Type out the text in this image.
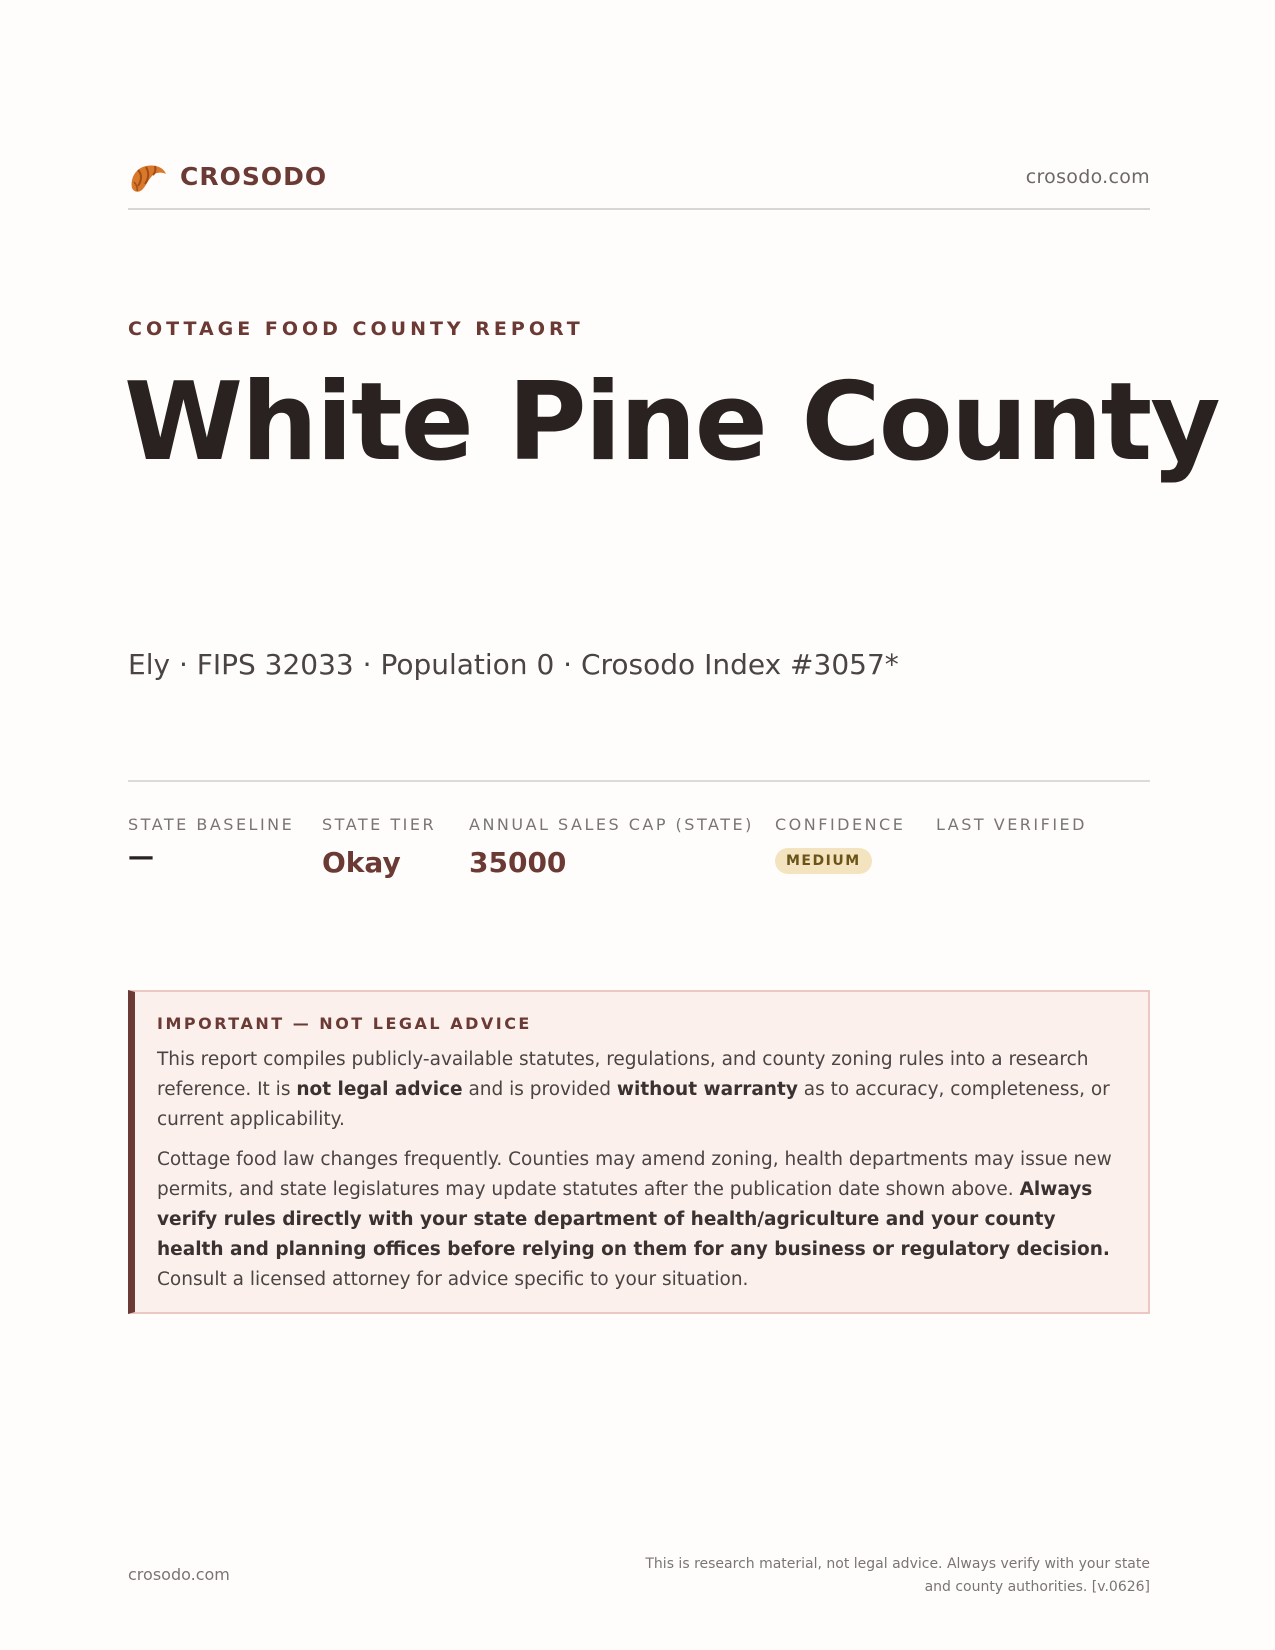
CROSODO	crosodo.com
COTTAGE FOOD COUNTY REPORT
White Pine County
Ely · FIPS 32033 · Population 0 · Crosodo Index #3057*
STATE BASELINE
—
STATE TIER
Okay
ANNUAL SALES CAP (STATE)
35000
CONFIDENCE
MEDIUM
LAST VERIFIED
IMPORTANT — NOT LEGAL ADVICE

This report compiles publicly-available statutes, regulations, and county zoning rules into a research reference. It is not legal advice and is provided without warranty as to accuracy, completeness, or current applicability.

Cottage food law changes frequently. Counties may amend zoning, health departments may issue new permits, and state legislatures may update statutes after the publication date shown above. Always verify rules directly with your state department of health/agriculture and your county health and planning offices before relying on them for any business or regulatory decision. Consult a licensed attorney for advice specific to your situation.

crosodo.com
This is research material, not legal advice. Always verify with your state
and county authorities. [v.0626]
